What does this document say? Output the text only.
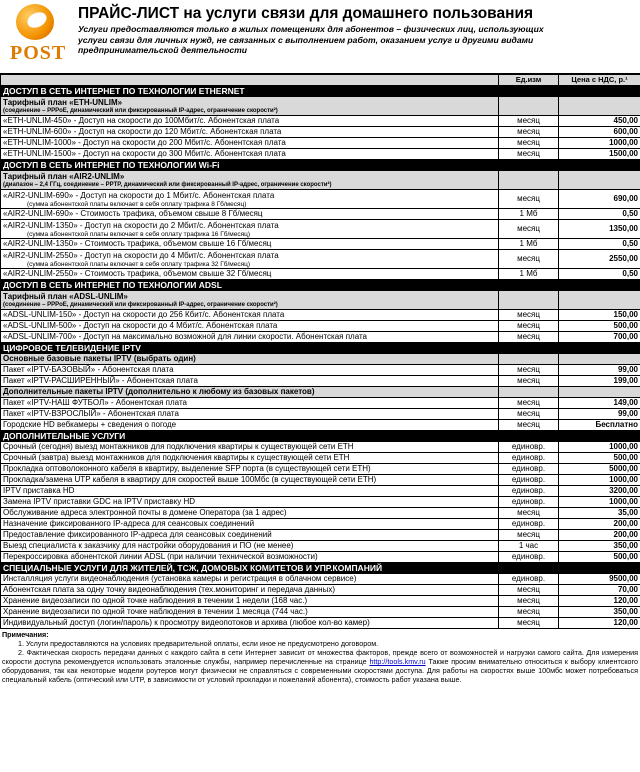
POST
ПРАЙС-ЛИСТ на услуги связи для домашнего пользования
Услуги предоставляются только в жилых помещениях для абонентов – физических лиц, использующих услуги связи для личных нужд, не связанных с выполнением работ, оказанием услуг и другими видами предпринимательской деятельности
	Ед.изм	Цена с НДС, р.¹
ДОСТУП В СЕТЬ ИНТЕРНЕТ ПО ТЕХНОЛОГИИ ETHERNET		

Тарифный план «ETH-UNLIM»
(соединение – PPPoE, динамический или фиксированный IP-адрес, ограничение скорости²)		

«ETH-UNLIM-450» - Доступ на скорости до 100Мбит/с. Абонентская плата	месяц	450,00
«ETH-UNLIM-600» - Доступ на скорости до 120 Мбит/с. Абонентская плата	месяц	600,00
«ETH-UNLIM-1000» - Доступ на скорости до 200 Мбит/с. Абонентская плата	месяц	1000,00
«ETH-UNLIM-1500» - Доступ на скорости до 300 Мбит/с. Абонентская плата	месяц	1500,00
ДОСТУП В СЕТЬ ИНТЕРНЕТ ПО ТЕХНОЛОГИИ Wi-Fi		

Тарифный план «AIR2-UNLIM»
(диапазон – 2,4 ГГц, соединение – PPTP, динамический или фиксированный IP-адрес, ограничение скорости²)		

«AIR2-UNLIM-690» - Доступ на скорости до 1 Мбит/с. Абонентская плата
(сумма абонентской платы включает в себя оплату трафика 8 Гб/месяц)	месяц	690,00
«AIR2-UNLIM-690» - Стоимость трафика, объемом свыше 8 Гб/месяц	1 Мб	0,50
«AIR2-UNLIM-1350» - Доступ на скорости до 2 Мбит/с. Абонентская плата
(сумма абонентской платы включает в себя оплату трафика 16 Гб/месяц)	месяц	1350,00
«AIR2-UNLIM-1350» - Стоимость трафика, объемом свыше 16 Гб/месяц	1 Мб	0,50
«AIR2-UNLIM-2550» - Доступ на скорости до 4 Мбит/с. Абонентская плата
(сумма абонентской платы включает в себя оплату трафика 32 Гб/месяц)	месяц	2550,00
«AIR2-UNLIM-2550» - Стоимость трафика, объемом свыше 32 Гб/месяц	1 Мб	0,50
ДОСТУП В СЕТЬ ИНТЕРНЕТ ПО ТЕХНОЛОГИИ ADSL		

Тарифный план «ADSL-UNLIM»
(соединение – PPPoE, динамический или фиксированный IP-адрес, ограничение скорости²)		

«ADSL-UNLIM-150» - Доступ на скорости до 256 Кбит/с. Абонентская плата	месяц	150,00
«ADSL-UNLIM-500» - Доступ на скорости до 4 Мбит/с. Абонентская плата	месяц	500,00
«ADSL-UNLIM-700» - Доступ на максимально возможной для линии скорости. Абонентская плата	месяц	700,00
ЦИФРОВОЕ ТЕЛЕВИДЕНИЕ IPTV		
Основные базовые пакеты IPTV (выбрать один)		
Пакет «IPTV-БАЗОВЫЙ» - Абонентская плата	месяц	99,00
Пакет «IPTV-РАСШИРЕННЫЙ» - Абонентская плата	месяц	199,00
Дополнительные пакеты IPTV (дополнительно к любому из базовых пакетов)		
Пакет «IPTV-НАШ ФУТБОЛ» - Абонентская плата	месяц	149,00
Пакет «IPTV-ВЗРОСЛЫЙ» - Абонентская плата	месяц	99,00
Городские HD вебкамеры + сведения о погоде	месяц	Бесплатно
ДОПОЛНИТЕЛЬНЫЕ УСЛУГИ		
Срочный (сегодня) выезд монтажников для подключения квартиры к существующей сети ETH	единовр.	1000,00
Срочный (завтра) выезд монтажников для подключения квартиры к существующей сети ETH	единовр.	500,00
Прокладка оптоволоконного кабеля в квартиру, выделение SFP порта (в существующей сети ETH)	единовр.	5000,00
Прокладка/замена UTP кабеля в квартиру для скоростей выше 100Мбс (в существующей сети ETH)	единовр.	1000,00
IPTV приставка HD	единовр.	3200,00
Замена IPTV приставки GDC на IPTV приставку HD	единовр.	1000,00
Обслуживание адреса электронной почты в домене Оператора (за 1 адрес)	месяц	35,00
Назначение фиксированного IP-адреса для сеансовых соединений	единовр.	200,00
Предоставление фиксированного IP-адреса для сеансовых соединений	месяц	200,00
Выезд специалиста к заказчику для настройки оборудования и ПО (не менее)	1 час	350,00
Перекроссировка абонентской линии ADSL (при наличии технической возможности)	единовр.	500,00
СПЕЦИАЛЬНЫЕ УСЛУГИ ДЛЯ ЖИТЕЛЕЙ, ТСЖ, ДОМОВЫХ КОМИТЕТОВ И УПР.КОМПАНИЙ		
Инсталляция услуги видеонаблюдения (установка камеры и регистрация в облачном сервисе)	единовр.	9500,00
Абонентская плата за одну точку видеонаблюдения (тех.мониторинг и передача данных)	месяц	70,00
Хранение видеозаписи по одной точке наблюдения в течении 1 недели (168 час.)	месяц	120,00
Хранение видеозаписи по одной точке наблюдения в течении 1 месяца (744 час.)	месяц	350,00
Индивидуальный доступ (логин/пароль) к просмотру видеопотоков и архива (любое кол-во камер)	месяц	120,00
Примечания:
1. Услуги предоставляются на условиях предварительной оплаты, если иное не предусмотрено договором.
2. Фактическая скорость передачи данных с каждого сайта в сети Интернет зависит от множества факторов, прежде всего от возможностей и нагрузки самого сайта. Для измерения скорости доступа рекомендуется использовать эталонные службы, например перечисленные на странице http://tools.kmv.ru Также просим внимательно относиться к выбору клиентского оборудования, так как некоторые модели роутеров могут физически не справляться с современными скоростями доступа. Для работы на скоростях выше 100мбс может потребоваться специальный кабель (оптический или UTP, в зависимости от условий прокладки и пожеланий абонента), стоимость работ указана выше.
